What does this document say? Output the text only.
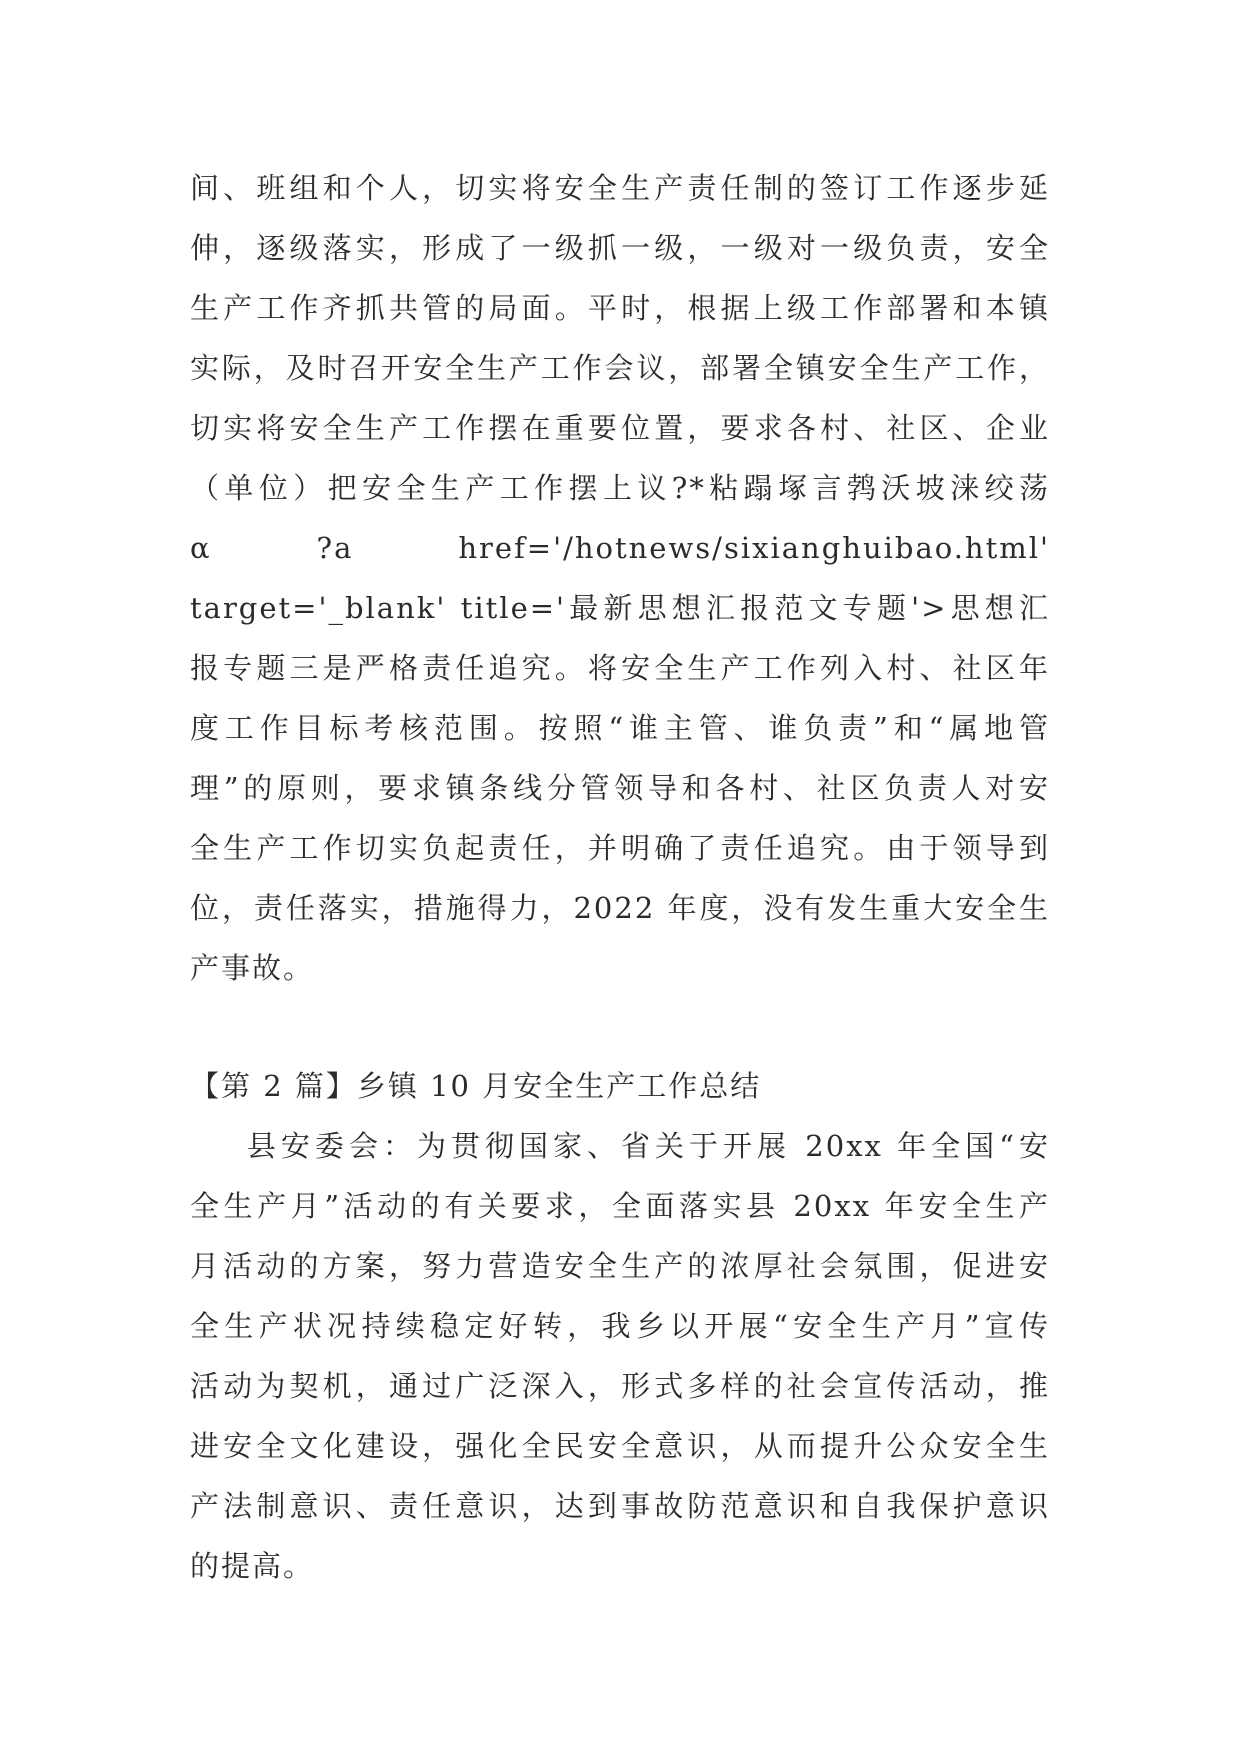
间、班组和个人，切实将安全生产责任制的签订工作逐步延
伸，逐级落实，形成了一级抓一级，一级对一级负责，安全
生产工作齐抓共管的局面。平时，根据上级工作部署和本镇
实际，及时召开安全生产工作会议，部署全镇安全生产工作，
切实将安全生产工作摆在重要位置，要求各村、社区、企业
（单位）把安全生产工作摆上议?*粘蹋塚言鹁沃坡涞绞荡
α        ?a        href='/hotnews/sixianghuibao.html'
target='_blank' title='最新思想汇报范文专题'>思想汇
报专题三是严格责任追究。将安全生产工作列入村、社区年
度工作目标考核范围。按照“谁主管、谁负责”和“属地管
理”的原则，要求镇条线分管领导和各村、社区负责人对安
全生产工作切实负起责任，并明确了责任追究。由于领导到
位，责任落实，措施得力，2022 年度，没有发生重大安全生
产事故。
【第 2 篇】乡镇 10 月安全生产工作总结
县安委会：为贯彻国家、省关于开展 20xx 年全国“安
全生产月”活动的有关要求，全面落实县 20xx 年安全生产
月活动的方案，努力营造安全生产的浓厚社会氛围，促进安
全生产状况持续稳定好转，我乡以开展“安全生产月”宣传
活动为契机，通过广泛深入，形式多样的社会宣传活动，推
进安全文化建设，强化全民安全意识，从而提升公众安全生
产法制意识、责任意识，达到事故防范意识和自我保护意识
的提高。
